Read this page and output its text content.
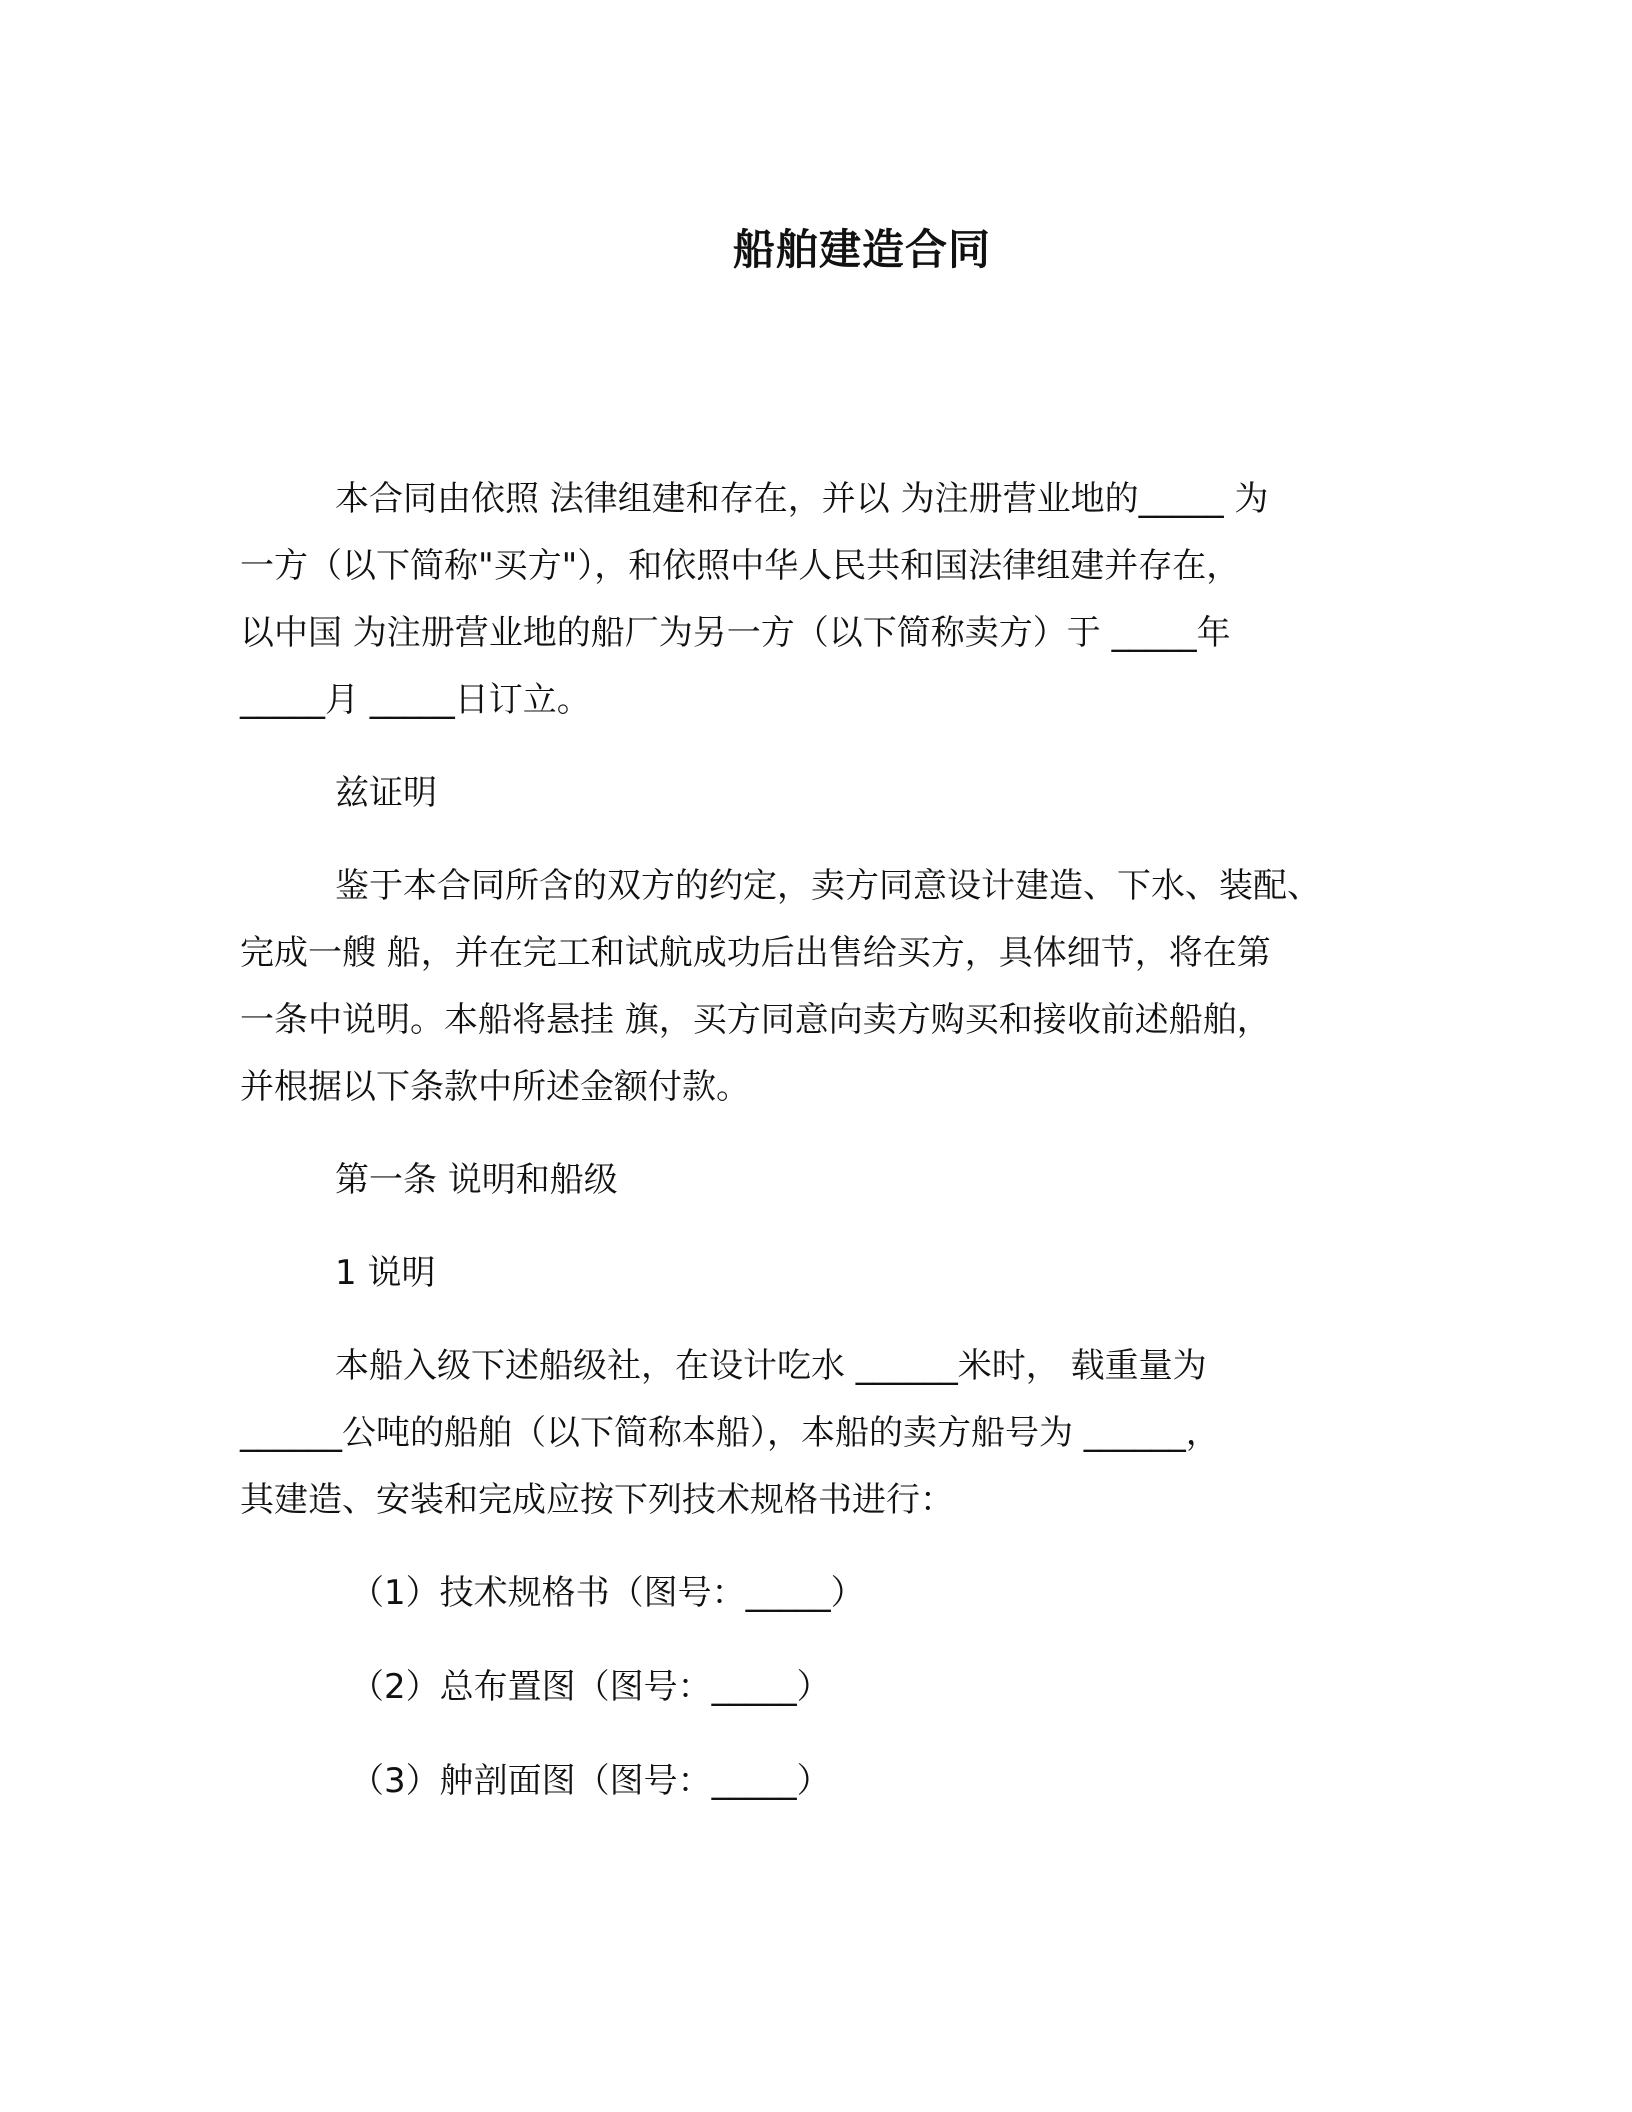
船舶建造合同

本合同由依照 法律组建和存在，并以 为注册营业地的_____ 为
一方（以下简称"买方"），和依照中华人民共和国法律组建并存在，
以中国 为注册营业地的船厂为另一方（以下简称卖方）于 _____年
_____月 _____日订立。

兹证明

鉴于本合同所含的双方的约定，卖方同意设计建造、下水、装配、
完成一艘 船，并在完工和试航成功后出售给买方，具体细节，将在第
一条中说明。本船将悬挂 旗，买方同意向卖方购买和接收前述船舶，
并根据以下条款中所述金额付款。

第一条 说明和船级

1 说明

本船入级下述船级社，在设计吃水 ______米时， 载重量为
______公吨的船舶（以下简称本船），本船的卖方船号为 ______，
其建造、安装和完成应按下列技术规格书进行：

（1）技术规格书（图号：_____）

（2）总布置图（图号：_____）

（3）舯剖面图（图号：_____）
